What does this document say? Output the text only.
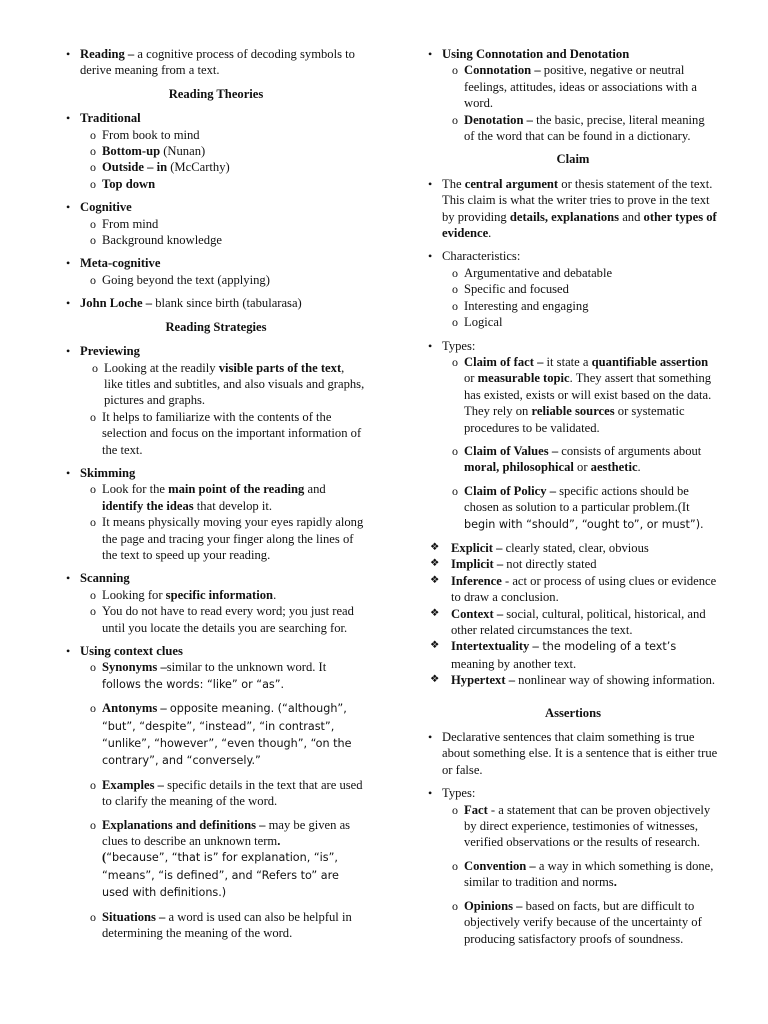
• Reading – a cognitive process of decoding symbols to derive meaning from a text.
Reading Theories
• Traditional
o From book to mind
o Bottom-up (Nunan)
o Outside – in (McCarthy)
o Top down
• Cognitive
o From mind
o Background knowledge
• Meta-cognitive
o Going beyond the text (applying)
• John Loche – blank since birth (tabularasa)
Reading Strategies
• Previewing
o Looking at the readily visible parts of the text, like titles and subtitles, and also visuals and graphs, pictures and graphs.
o It helps to familiarize with the contents of the selection and focus on the important information of the text.
• Skimming
o Look for the main point of the reading and identify the ideas that develop it.
o It means physically moving your eyes rapidly along the page and tracing your finger along the lines of the text to speed up your reading.
• Scanning
o Looking for specific information.
o You do not have to read every word; you just read until you locate the details you are searching for.
• Using context clues
o Synonyms –similar to the unknown word. It follows the words: “like” or “as”.
o Antonyms – opposite meaning. (“although”, “but”, “despite”, “instead”, “in contrast”, “unlike”, “however”, “even though”, “on the contrary”, and “conversely.”
o Examples – specific details in the text that are used to clarify the meaning of the word.
o Explanations and definitions – may be given as clues to describe an unknown term.
(“because”, “that is” for explanation, “is”, “means”, “is defined”, and “Refers to” are used with definitions.)
o Situations – a word is used can also be helpful in determining the meaning of the word.
• Using Connotation and Denotation
o Connotation – positive, negative or neutral feelings, attitudes, ideas or associations with a word.
o Denotation – the basic, precise, literal meaning of the word that can be found in a dictionary.
Claim
• The central argument or thesis statement of the text. This claim is what the writer tries to prove in the text by providing details, explanations and other types of evidence.
• Characteristics:
o Argumentative and debatable
o Specific and focused
o Interesting and engaging
o Logical
• Types:
o Claim of fact – it state a quantifiable assertion or measurable topic. They assert that something has existed, exists or will exist based on the data. They rely on reliable sources or systematic procedures to be validated.
o Claim of Values – consists of arguments about moral, philosophical or aesthetic.
o Claim of Policy – specific actions should be chosen as solution to a particular problem.(It begin with “should”, “ought to”, or must”).
❖ Explicit – clearly stated, clear, obvious
❖ Implicit – not directly stated
❖ Inference - act or process of using clues or evidence to draw a conclusion.
❖ Context – social, cultural, political, historical, and other related circumstances the text.
❖ Intertextuality – the modeling of a text’s meaning by another text.
❖ Hypertext – nonlinear way of showing information.
Assertions
• Declarative sentences that claim something is true about something else. It is a sentence that is either true or false.
• Types:
o Fact - a statement that can be proven objectively by direct experience, testimonies of witnesses, verified observations or the results of research.
o Convention – a way in which something is done, similar to tradition and norms.
o Opinions – based on facts, but are difficult to objectively verify because of the uncertainty of producing satisfactory proofs of soundness.
